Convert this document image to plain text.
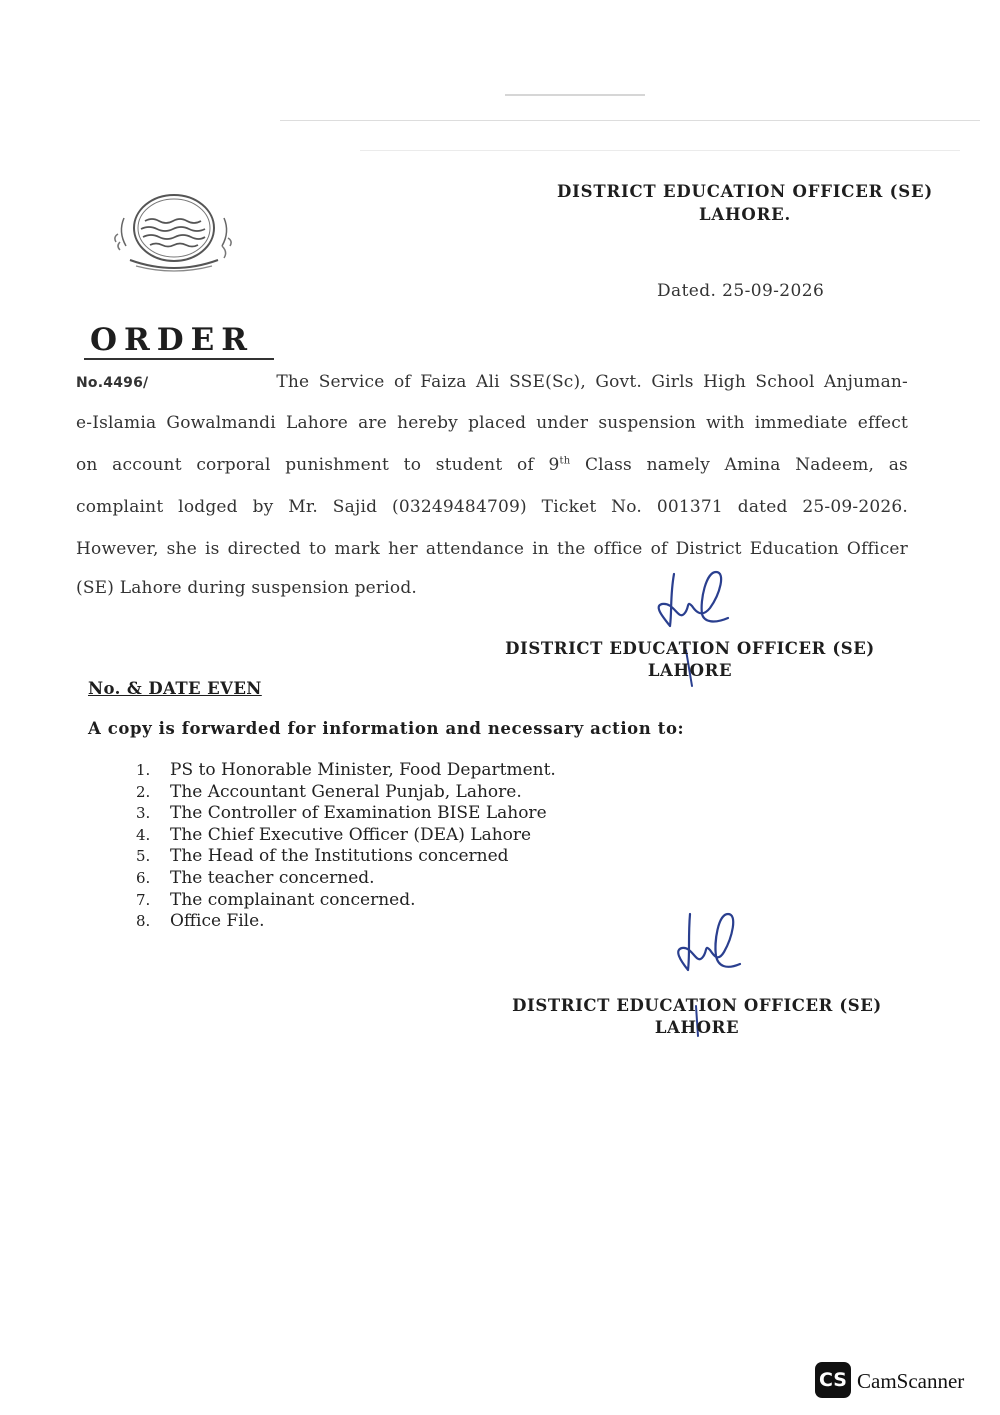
DISTRICT EDUCATION OFFICER (SE)
LAHORE.
Dated. 25-09-2026
ORDER
No.4496/	The Service of Faiza Ali SSE(Sc), Govt. Girls High School Anjuman-
e-Islamia Gowalmandi Lahore are hereby placed under suspension with immediate effect
on account corporal punishment to student of 9th Class namely Amina Nadeem, as
complaint lodged by Mr. Sajid (03249484709) Ticket No. 001371 dated 25-09-2026.
However, she is directed to mark her attendance in the office of District Education Officer
(SE) Lahore during suspension period.
DISTRICT EDUCATION OFFICER (SE)
LAHORE
No. & DATE EVEN
A copy is forwarded for information and necessary action to:
1. PS to Honorable Minister, Food Department.
2. The Accountant General Punjab, Lahore.
3. The Controller of Examination BISE Lahore
4. The Chief Executive Officer (DEA) Lahore
5. The Head of the Institutions concerned
6. The teacher concerned.
7. The complainant concerned.
8. Office File.
DISTRICT EDUCATION OFFICER (SE)
LAHORE
CS CamScanner
